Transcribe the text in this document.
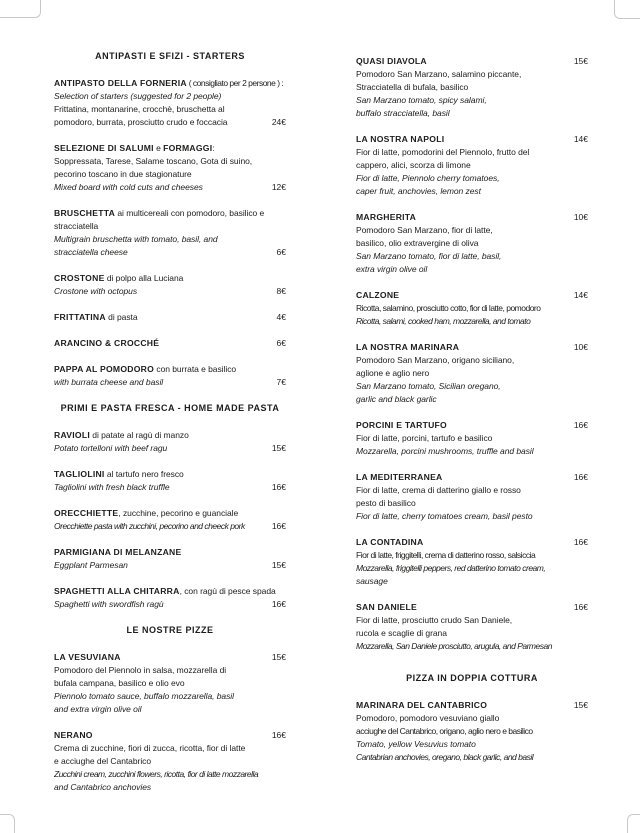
ANTIPASTI E SFIZI - STARTERS
ANTIPASTO DELLA FORNERIA ( consigliato per 2 persone ) :
Selection of starters (suggested for 2 people)
Frittatina, montanarine, crocchè, bruschetta al
pomodoro, burrata, prosciutto crudo e foccacia	24€
SELEZIONE DI SALUMI e FORMAGGI:
Soppressata, Tarese, Salame toscano, Gota di suino,
pecorino toscano in due stagionature
Mixed board with cold cuts and cheeses	12€
BRUSCHETTA ai multicereali con pomodoro, basilico e
stracciatella
Multigrain bruschetta with tomato, basil, and
stracciatella cheese	6€
CROSTONE di polpo alla Luciana
Crostone with octopus	8€
FRITTATINA di pasta	4€
ARANCINO & CROCCHÉ	6€
PAPPA AL POMODORO con burrata e basilico
with burrata cheese and basil	7€
PRIMI E PASTA FRESCA - HOME MADE PASTA
RAVIOLI di patate al ragù di manzo
Potato tortelloni with beef ragu	15€
TAGLIOLINI al tartufo nero fresco
Tagliolini with fresh black truffle	16€
ORECCHIETTE, zucchine, pecorino e guanciale
Orecchiette pasta with zucchini, pecorino and cheeck pork	16€
PARMIGIANA DI MELANZANE
Eggplant Parmesan	15€
SPAGHETTI ALLA CHITARRA, con ragù di pesce spada
Spaghetti with swordfish ragù	16€
LE NOSTRE PIZZE
LA VESUVIANA	15€
Pomodoro del Piennolo in salsa, mozzarella di
bufala campana, basilico e olio evo
Piennolo tomato sauce, buffalo mozzarella, basil
and extra virgin olive oil
NERANO	16€
Crema di zucchine, fiori di zucca, ricotta, fior di latte
e acciughe del Cantabrico
Zucchini cream, zucchini flowers, ricotta, fior di latte mozzarella
and Cantabrico anchovies
QUASI DIAVOLA	15€
Pomodoro San Marzano, salamino piccante,
Stracciatella di bufala, basilico
San Marzano tomato, spicy salami,
buffalo stracciatella, basil
LA NOSTRA NAPOLI	14€
Fior di latte, pomodorini del Piennolo, frutto del
cappero, alici, scorza di limone
Fior di latte, Piennolo cherry tomatoes,
caper fruit, anchovies, lemon zest
MARGHERITA	10€
Pomodoro San Marzano, fior di latte,
basilico, olio extravergine di oliva
San Marzano tomato, fior di latte, basil,
extra virgin olive oil
CALZONE	14€
Ricotta, salamino, prosciutto cotto, fior di latte, pomodoro
Ricotta, salami, cooked ham, mozzarella, and tomato
LA NOSTRA MARINARA	10€
Pomodoro San Marzano, origano siciliano,
aglione e aglio nero
San Marzano tomato, Sicilian oregano,
garlic and black garlic
PORCINI E TARTUFO	16€
Fior di latte, porcini, tartufo e basilico
Mozzarella, porcini mushrooms, truffle and basil
LA MEDITERRANEA	16€
Fior di latte, crema di datterino giallo e rosso
pesto di basilico
Fior di latte, cherry tomatoes cream, basil pesto
LA CONTADINA	16€
Fior di latte, friggitelli, crema di datterino rosso, salsiccia
Mozzarella, friggitelli peppers, red datterino tomato cream,
sausage
SAN DANIELE	16€
Fior di latte, prosciutto crudo San Daniele,
rucola e scaglie di grana
Mozzarella, San Daniele prosciutto, arugula, and Parmesan
PIZZA IN DOPPIA COTTURA
MARINARA DEL CANTABRICO	15€
Pomodoro, pomodoro vesuviano giallo
acciughe del Cantabrico, origano, aglio nero e basilico
Tomato, yellow Vesuvius tomato
Cantabrian anchovies, oregano, black garlic, and basil
